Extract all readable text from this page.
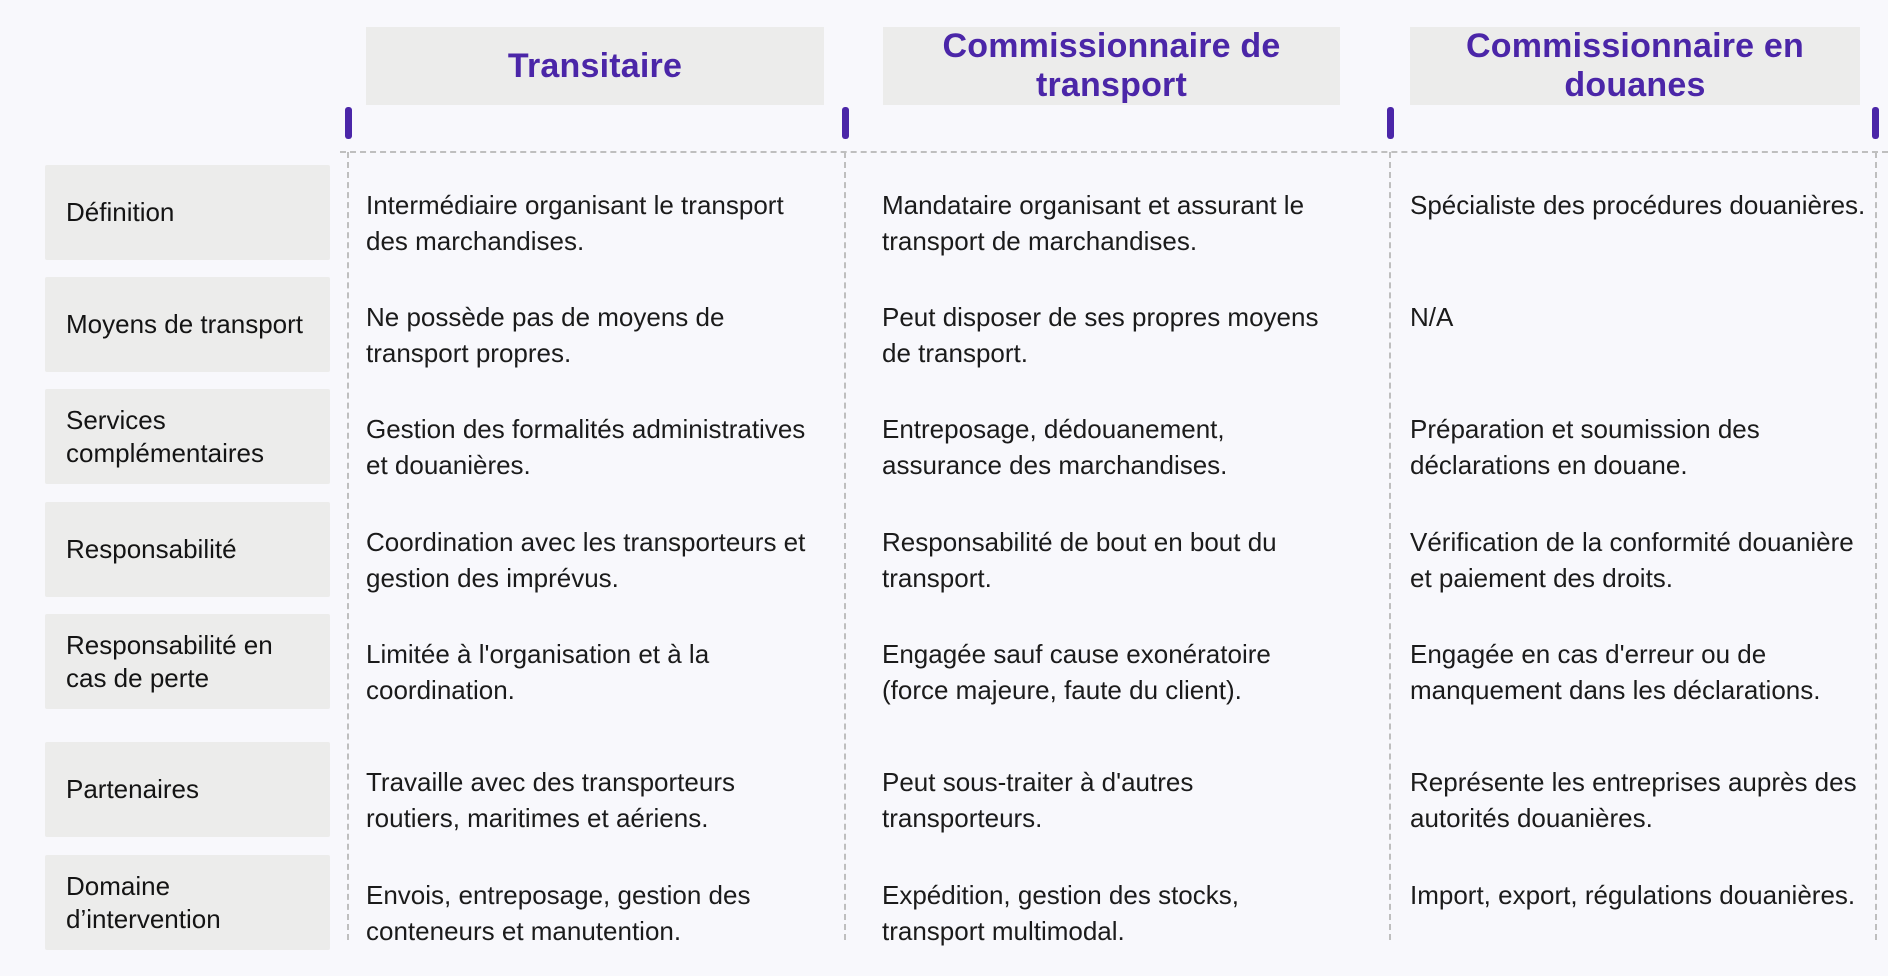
Transitaire
Commissionnaire de transport
Commissionnaire en douanes
Définition
Moyens de transport
Services complémentaires
Responsabilité
Responsabilité en cas de perte
Partenaires
Domaine d’intervention
Intermédiaire organisant le transport des marchandises.
Mandataire organisant et assurant le transport de marchandises.
Spécialiste des procédures douanières.
Ne possède pas de moyens de transport propres.
Peut disposer de ses propres moyens de transport.
N/A
Gestion des formalités administratives et douanières.
Entreposage, dédouanement, assurance des marchandises.
Préparation et soumission des déclarations en douane.
Coordination avec les transporteurs et gestion des imprévus.
Responsabilité de bout en bout du transport.
Vérification de la conformité douanière et paiement des droits.
Limitée à l'organisation et à la coordination.
Engagée sauf cause exonératoire (force majeure, faute du client).
Engagée en cas d'erreur ou de manquement dans les déclarations.
Travaille avec des transporteurs routiers, maritimes et aériens.
Peut sous-traiter à d'autres transporteurs.
Représente les entreprises auprès des autorités douanières.
Envois, entreposage, gestion des conteneurs et manutention.
Expédition, gestion des stocks, transport multimodal.
Import, export, régulations douanières.
